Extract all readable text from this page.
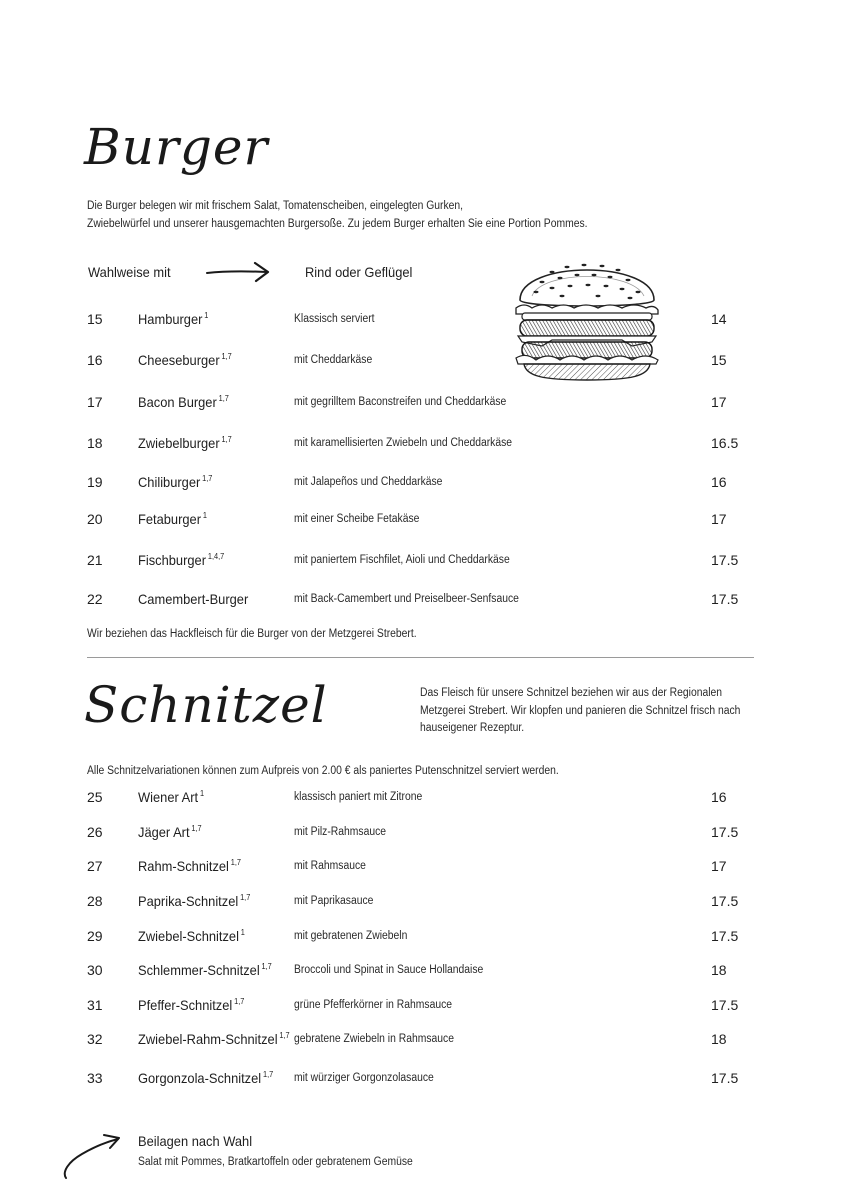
Burger
Die Burger belegen wir mit frischem Salat, Tomatenscheiben, eingelegten Gurken,
Zwiebelwürfel und unserer hausgemachten Burgersoße. Zu jedem Burger erhalten Sie eine Portion Pommes.
Wahlweise mit	Rind oder Geflügel
15	Hamburger $^1$	Klassisch serviert	14
16	Cheeseburger $^{1,7}$	mit Cheddarkäse	15
17	Bacon Burger $^{1,7}$	mit gegrilltem Baconstreifen und Cheddarkäse	17
18	Zwiebelburger $^{1,7}$	mit karamellisierten Zwiebeln und Cheddarkäse	16.5
19	Chiliburger $^{1,7}$	mit Jalapeños und Cheddarkäse	16
20	Fetaburger $^1$	mit einer Scheibe Fetakäse	17
21	Fischburger $^{1,4,7}$	mit paniertem Fischfilet, Aioli und Cheddarkäse	17.5
22	Camembert-Burger	mit Back-Camembert und Preiselbeer-Senfsauce	17.5
Wir beziehen das Hackfleisch für die Burger von der Metzgerei Strebert.
Schnitzel	Das Fleisch für unsere Schnitzel beziehen wir aus der Regionalen
Metzgerei Strebert. Wir klopfen und panieren die Schnitzel frisch nach
hauseigener Rezeptur.
Alle Schnitzelvariationen können zum Aufpreis von 2.00 € als paniertes Putenschnitzel serviert werden.
25	Wiener Art $^1$	klassisch paniert mit Zitrone	16
26	Jäger Art $^{1,7}$	mit Pilz-Rahmsauce	17.5
27	Rahm-Schnitzel $^{1,7}$	mit Rahmsauce	17
28	Paprika-Schnitzel $^{1,7}$	mit Paprikasauce	17.5
29	Zwiebel-Schnitzel $^1$	mit gebratenen Zwiebeln	17.5
30	Schlemmer-Schnitzel $^{1,7}$ Broccoli und Spinat in Sauce Hollandaise	18
31	Pfeffer-Schnitzel $^{1,7}$	grüne Pfefferkörner in Rahmsauce	17.5
32	Zwiebel-Rahm-Schnitzel $^{1,7}$ gebratene Zwiebeln in Rahmsauce	18
33	Gorgonzola-Schnitzel $^{1,7}$ mit würziger Gorgonzolasauce	17.5
Beilagen nach Wahl
Salat mit Pommes, Bratkartoffeln oder gebratenem Gemüse
